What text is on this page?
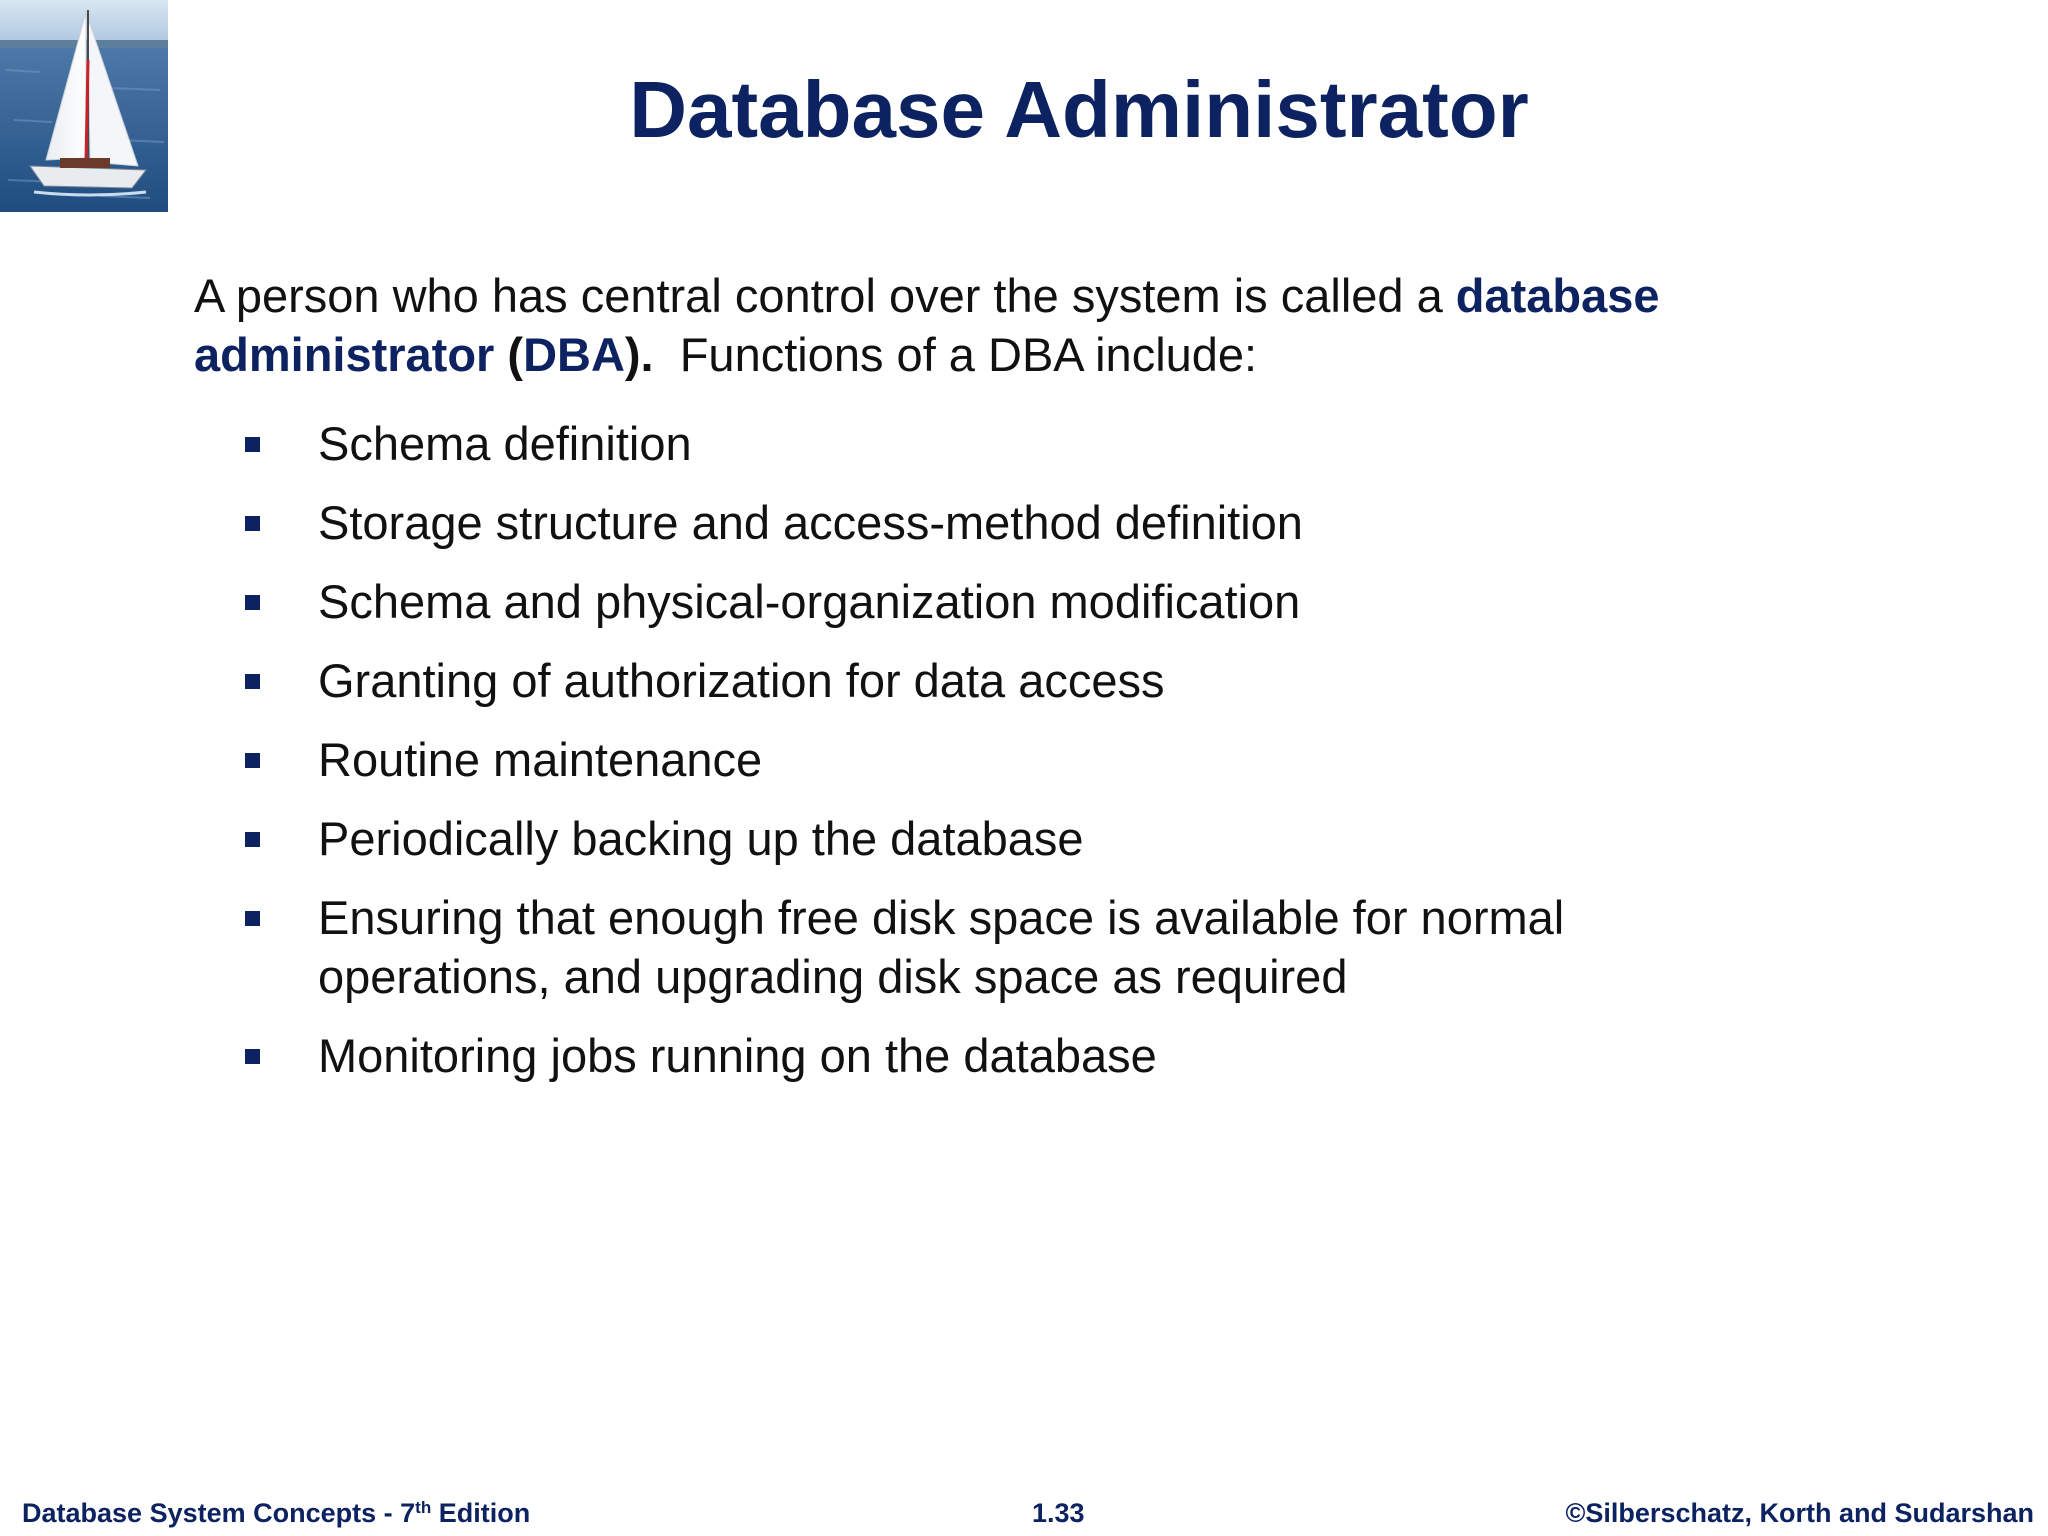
Database Administrator
A person who has central control over the system is called a database
administrator (DBA).  Functions of a DBA include:
Schema definition
Storage structure and access-method definition
Schema and physical-organization modification
Granting of authorization for data access
Routine maintenance
Periodically backing up the database
Ensuring that enough free disk space is available for normal operations, and upgrading disk space as required
Monitoring jobs running on the database
Database System Concepts - 7th Edition	1.33	©Silberschatz, Korth and Sudarshan
